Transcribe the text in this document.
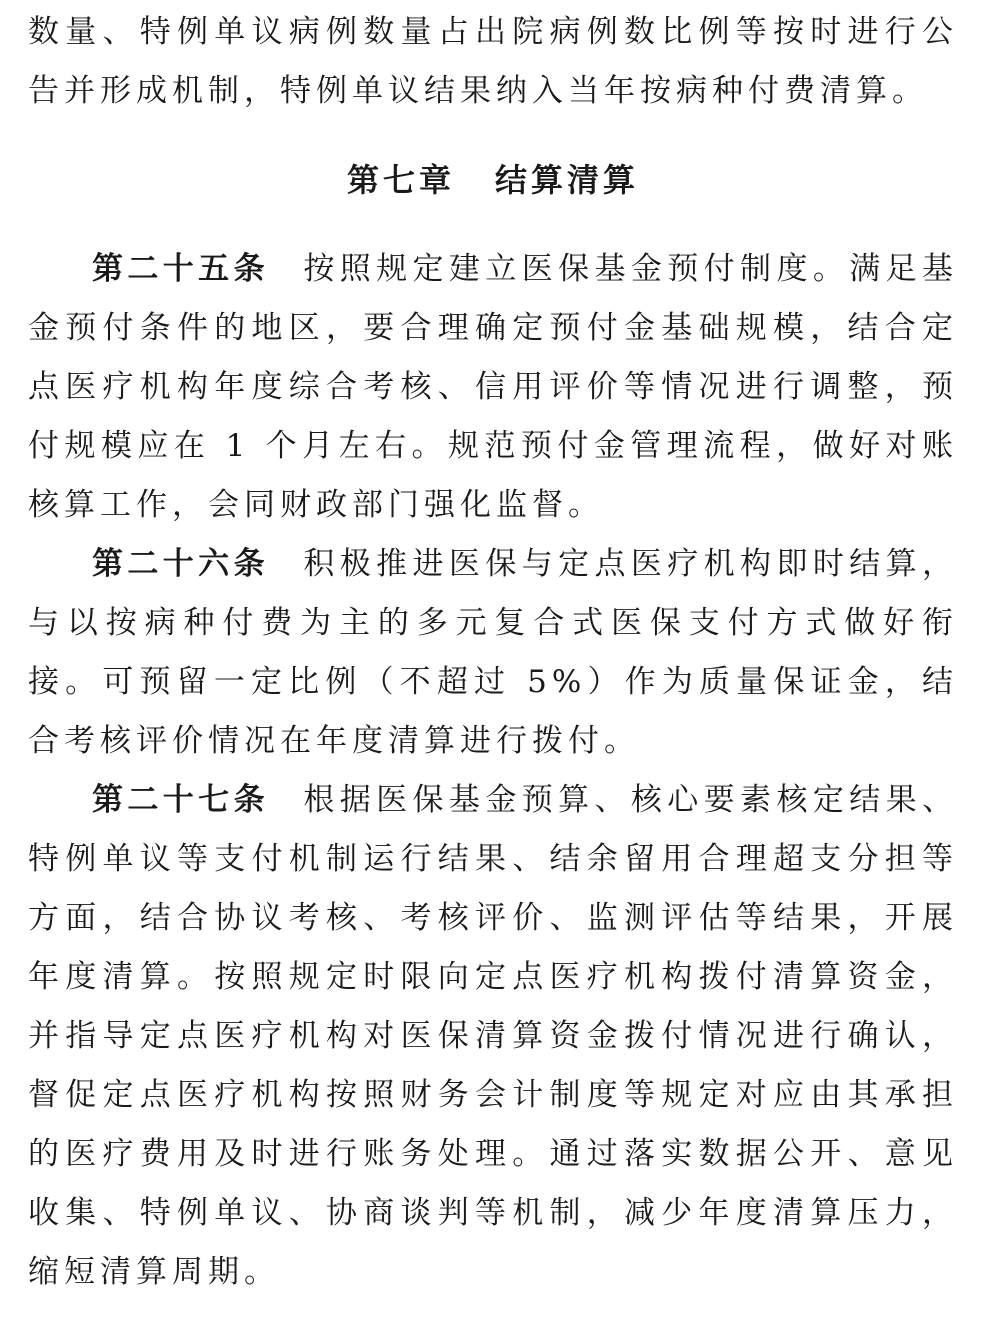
数量、特例单议病例数量占出院病例数比例等按时进行公告并形成机制，特例单议结果纳入当年按病种付费清算。

第七章 结算清算

第二十五条 按照规定建立医保基金预付制度。满足基金预付条件的地区，要合理确定预付金基础规模，结合定点医疗机构年度综合考核、信用评价等情况进行调整，预付规模应在 1 个月左右。规范预付金管理流程，做好对账核算工作，会同财政部门强化监督。

第二十六条 积极推进医保与定点医疗机构即时结算，与以按病种付费为主的多元复合式医保支付方式做好衔接。可预留一定比例（不超过 5%）作为质量保证金，结合考核评价情况在年度清算进行拨付。

第二十七条 根据医保基金预算、核心要素核定结果、特例单议等支付机制运行结果、结余留用合理超支分担等方面，结合协议考核、考核评价、监测评估等结果，开展年度清算。按照规定时限向定点医疗机构拨付清算资金，并指导定点医疗机构对医保清算资金拨付情况进行确认，督促定点医疗机构按照财务会计制度等规定对应由其承担的医疗费用及时进行账务处理。通过落实数据公开、意见收集、特例单议、协商谈判等机制，减少年度清算压力，缩短清算周期。
